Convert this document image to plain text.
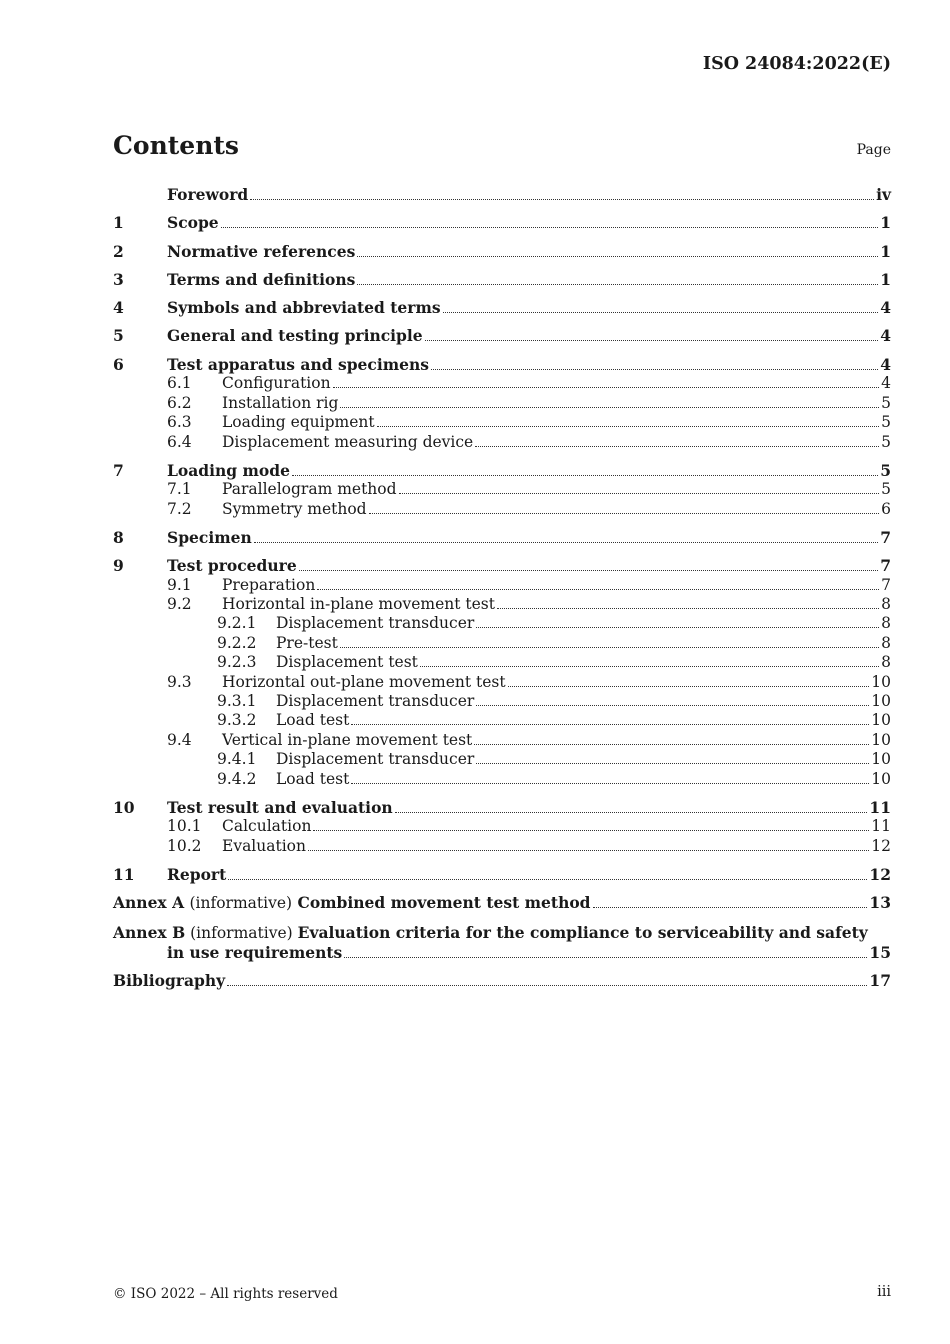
ISO 24084:2022(E)
Contents	Page
Foreword	iv
1	Scope	1
2	Normative references	1
3	Terms and definitions	1
4	Symbols and abbreviated terms	4
5	General and testing principle	4
6	Test apparatus and specimens	4
6.1	Configuration	4
6.2	Installation rig	5
6.3	Loading equipment	5
6.4	Displacement measuring device	5
7	Loading mode	5
7.1	Parallelogram method	5
7.2	Symmetry method	6
8	Specimen	7
9	Test procedure	7
9.1	Preparation	7
9.2	Horizontal in-plane movement test	8
9.2.1	Displacement transducer	8
9.2.2	Pre-test	8
9.2.3	Displacement test	8
9.3	Horizontal out-plane movement test	10
9.3.1	Displacement transducer	10
9.3.2	Load test	10
9.4	Vertical in-plane movement test	10
9.4.1	Displacement transducer	10
9.4.2	Load test	10
10	Test result and evaluation	11
10.1	Calculation	11
10.2	Evaluation	12
11	Report	12
Annex A (informative) Combined movement test method	13
Annex B (informative) Evaluation criteria for the compliance to serviceability and safety
in use requirements	15
Bibliography	17
© ISO 2022 – All rights reserved	iii
